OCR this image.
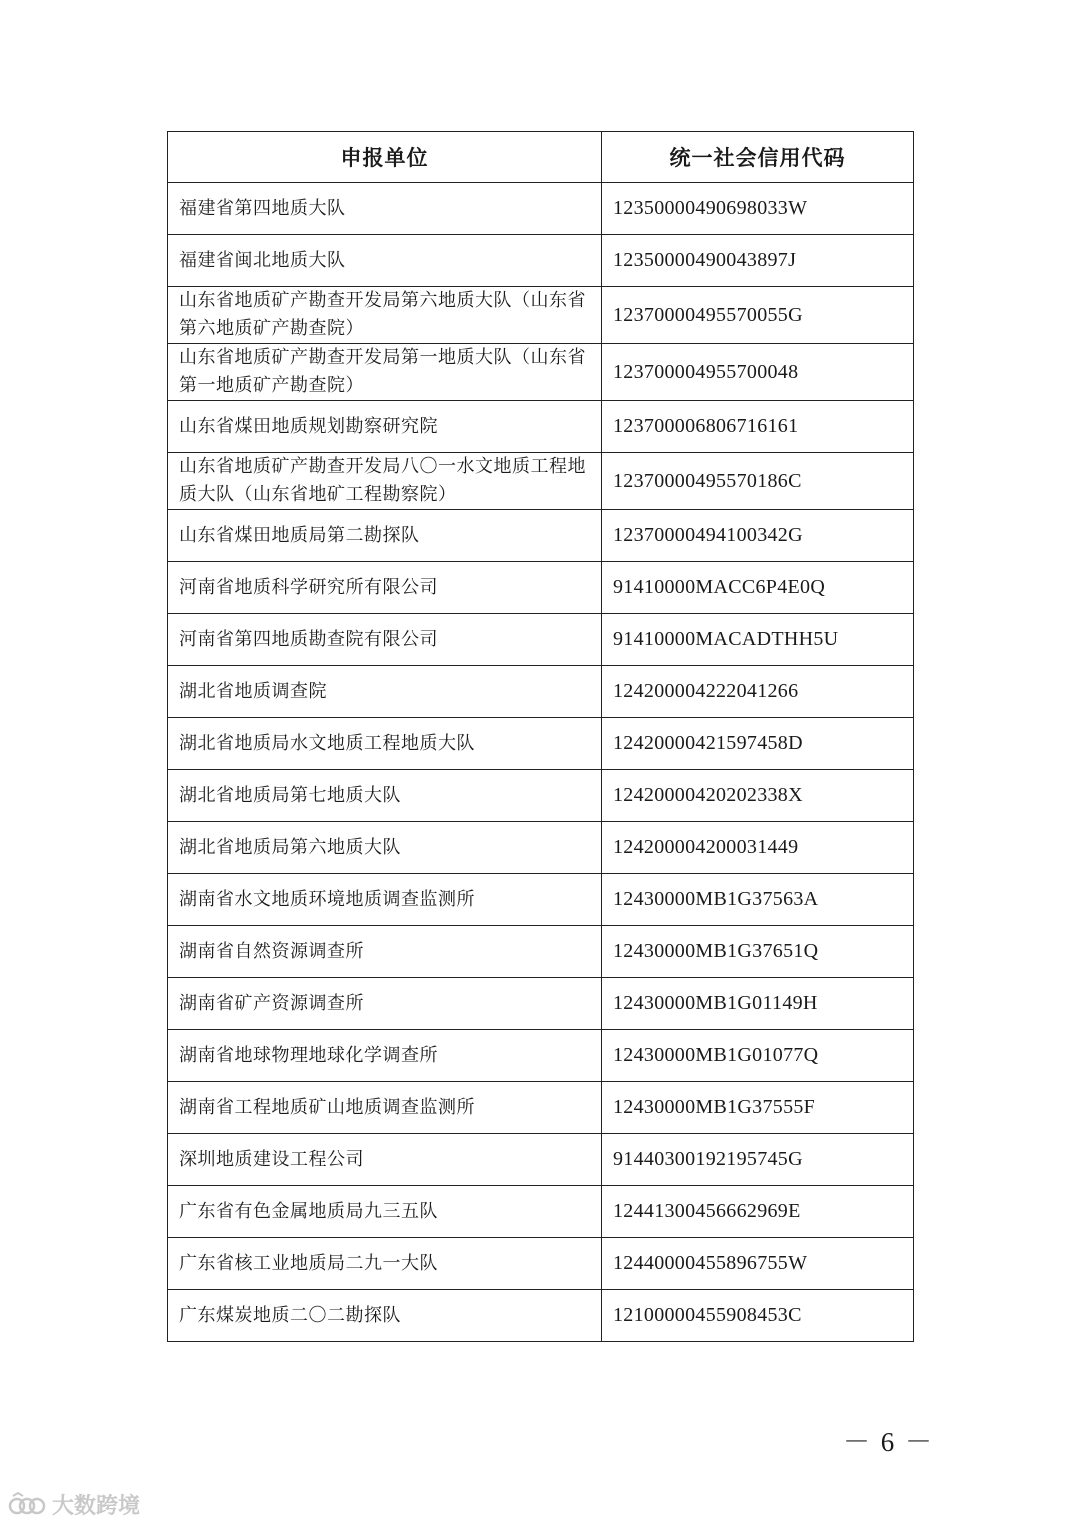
申报单位	统一社会信用代码
福建省第四地质大队	12350000490698033W
福建省闽北地质大队	12350000490043897J
山东省地质矿产勘查开发局第六地质大队（山东省第六地质矿产勘查院）	12370000495570055G
山东省地质矿产勘查开发局第一地质大队（山东省第一地质矿产勘查院）	123700004955700048
山东省煤田地质规划勘察研究院	123700006806716161
山东省地质矿产勘查开发局八〇一水文地质工程地质大队（山东省地矿工程勘察院）	12370000495570186C
山东省煤田地质局第二勘探队	12370000494100342G
河南省地质科学研究所有限公司	91410000MACC6P4E0Q
河南省第四地质勘查院有限公司	91410000MACADTHH5U
湖北省地质调查院	124200004222041266
湖北省地质局水文地质工程地质大队	12420000421597458D
湖北省地质局第七地质大队	12420000420202338X
湖北省地质局第六地质大队	124200004200031449
湖南省水文地质环境地质调查监测所	12430000MB1G37563A
湖南省自然资源调查所	12430000MB1G37651Q
湖南省矿产资源调查所	12430000MB1G01149H
湖南省地球物理地球化学调查所	12430000MB1G01077Q
湖南省工程地质矿山地质调查监测所	12430000MB1G37555F
深圳地质建设工程公司	91440300192195745G
广东省有色金属地质局九三五队	12441300456662969E
广东省核工业地质局二九一大队	12440000455896755W
广东煤炭地质二〇二勘探队	12100000455908453C
－ 6 －
大数跨境
